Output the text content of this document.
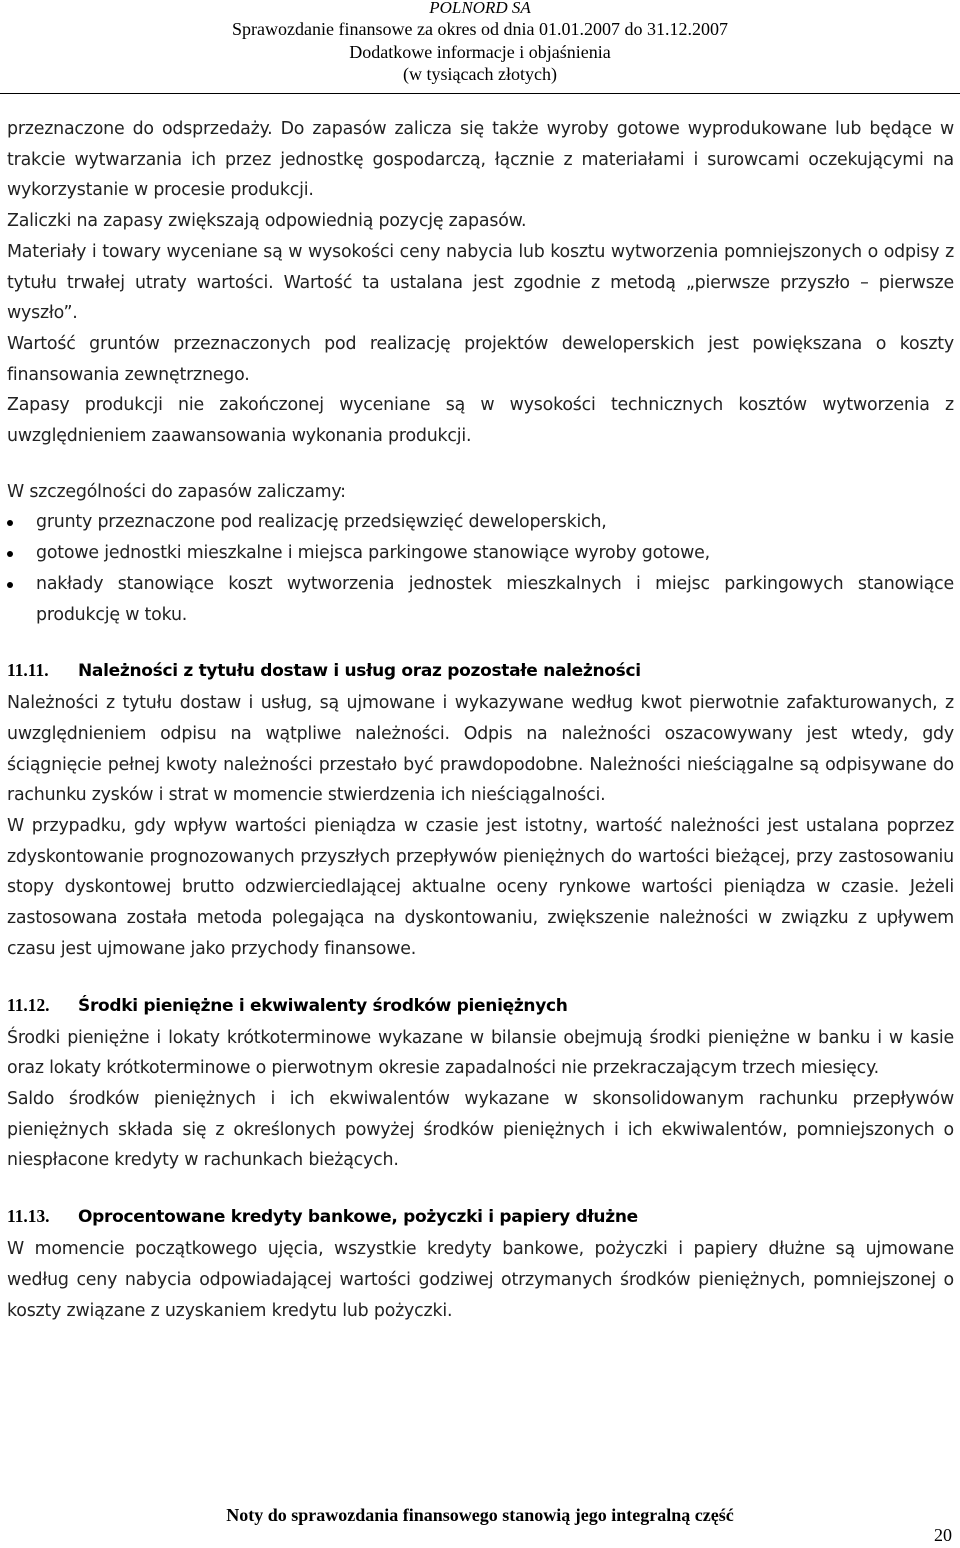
POLNORD SA
Sprawozdanie finansowe za okres od dnia 01.01.2007 do 31.12.2007
Dodatkowe informacje i objaśnienia
(w tysiącach złotych)

przeznaczone do odsprzedaży. Do zapasów zalicza się także wyroby gotowe wyprodukowane lub będące w trakcie wytwarzania ich przez jednostkę gospodarczą, łącznie z materiałami i surowcami oczekującymi na wykorzystanie w procesie produkcji.

Zaliczki na zapasy zwiększają odpowiednią pozycję zapasów.

Materiały i towary wyceniane są w wysokości ceny nabycia lub kosztu wytworzenia pomniejszonych o odpisy z tytułu trwałej utraty wartości. Wartość ta ustalana jest zgodnie z metodą „pierwsze przyszło – pierwsze wyszło”.

Wartość gruntów przeznaczonych pod realizację projektów deweloperskich jest powiększana o koszty finansowania zewnętrznego.

Zapasy produkcji nie zakończonej wyceniane są w wysokości technicznych kosztów wytworzenia z uwzględnieniem zaawansowania wykonania produkcji.

W szczególności do zapasów zaliczamy:

grunty przeznaczone pod realizację przedsięwzięć deweloperskich,
gotowe jednostki mieszkalne i miejsca parkingowe stanowiące wyroby gotowe,
nakłady stanowiące koszt wytworzenia jednostek mieszkalnych i miejsc parkingowych stanowiące produkcję w toku.
11.11.	Należności z tytułu dostaw i usług oraz pozostałe należności

Należności z tytułu dostaw i usług, są ujmowane i wykazywane według kwot pierwotnie zafakturowanych, z uwzględnieniem odpisu na wątpliwe należności. Odpis na należności oszacowywany jest wtedy, gdy ściągnięcie pełnej kwoty należności przestało być prawdopodobne. Należności nieściągalne są odpisywane do rachunku zysków i strat w momencie stwierdzenia ich nieściągalności.

W przypadku, gdy wpływ wartości pieniądza w czasie jest istotny, wartość należności jest ustalana poprzez zdyskontowanie prognozowanych przyszłych przepływów pieniężnych do wartości bieżącej, przy zastosowaniu stopy dyskontowej brutto odzwierciedlającej aktualne oceny rynkowe wartości pieniądza w czasie. Jeżeli zastosowana została metoda polegająca na dyskontowaniu, zwiększenie należności w związku z upływem czasu jest ujmowane jako przychody finansowe.

11.12.	Środki pieniężne i ekwiwalenty środków pieniężnych

Środki pieniężne i lokaty krótkoterminowe wykazane w bilansie obejmują środki pieniężne w banku i w kasie oraz lokaty krótkoterminowe o pierwotnym okresie zapadalności nie przekraczającym trzech miesięcy.

Saldo środków pieniężnych i ich ekwiwalentów wykazane w skonsolidowanym rachunku przepływów pieniężnych składa się z określonych powyżej środków pieniężnych i ich ekwiwalentów, pomniejszonych o niespłacone kredyty w rachunkach bieżących.

11.13.	Oprocentowane kredyty bankowe, pożyczki i papiery dłużne

W momencie początkowego ujęcia, wszystkie kredyty bankowe, pożyczki i papiery dłużne są ujmowane według ceny nabycia odpowiadającej wartości godziwej otrzymanych środków pieniężnych, pomniejszonej o koszty związane z uzyskaniem kredytu lub pożyczki.

Noty do sprawozdania finansowego stanowią jego integralną część
20
